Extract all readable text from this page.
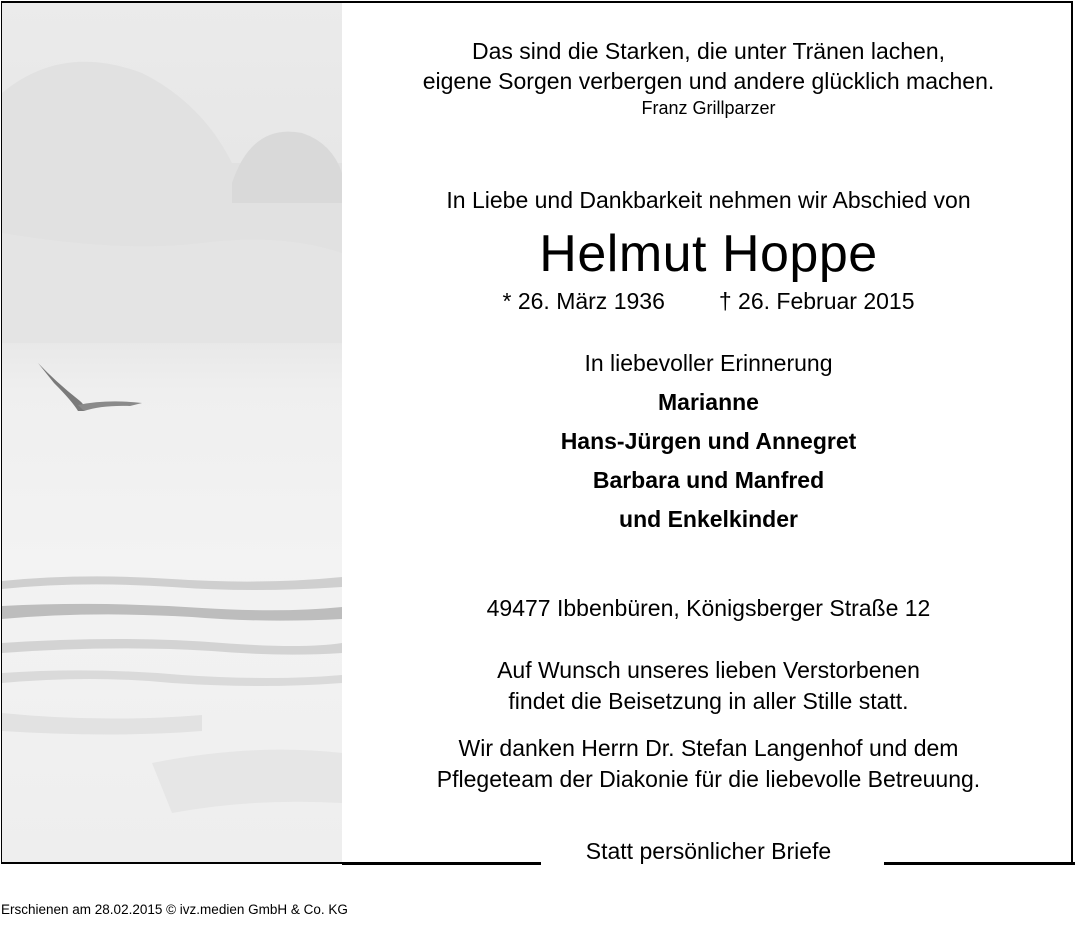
Das sind die Starken, die unter Tränen lachen,
eigene Sorgen verbergen und andere glücklich machen.
Franz Grillparzer
In Liebe und Dankbarkeit nehmen wir Abschied von
Helmut Hoppe
* 26. März 1936 † 26. Februar 2015
In liebevoller Erinnerung
Marianne
Hans-Jürgen und Annegret
Barbara und Manfred
und Enkelkinder
49477 Ibbenbüren, Königsberger Straße 12
Auf Wunsch unseres lieben Verstorbenen
findet die Beisetzung in aller Stille statt.
Wir danken Herrn Dr. Stefan Langenhof und dem
Pflegeteam der Diakonie für die liebevolle Betreuung.
Statt persönlicher Briefe
Erschienen am 28.02.2015 © ivz.medien GmbH & Co. KG
